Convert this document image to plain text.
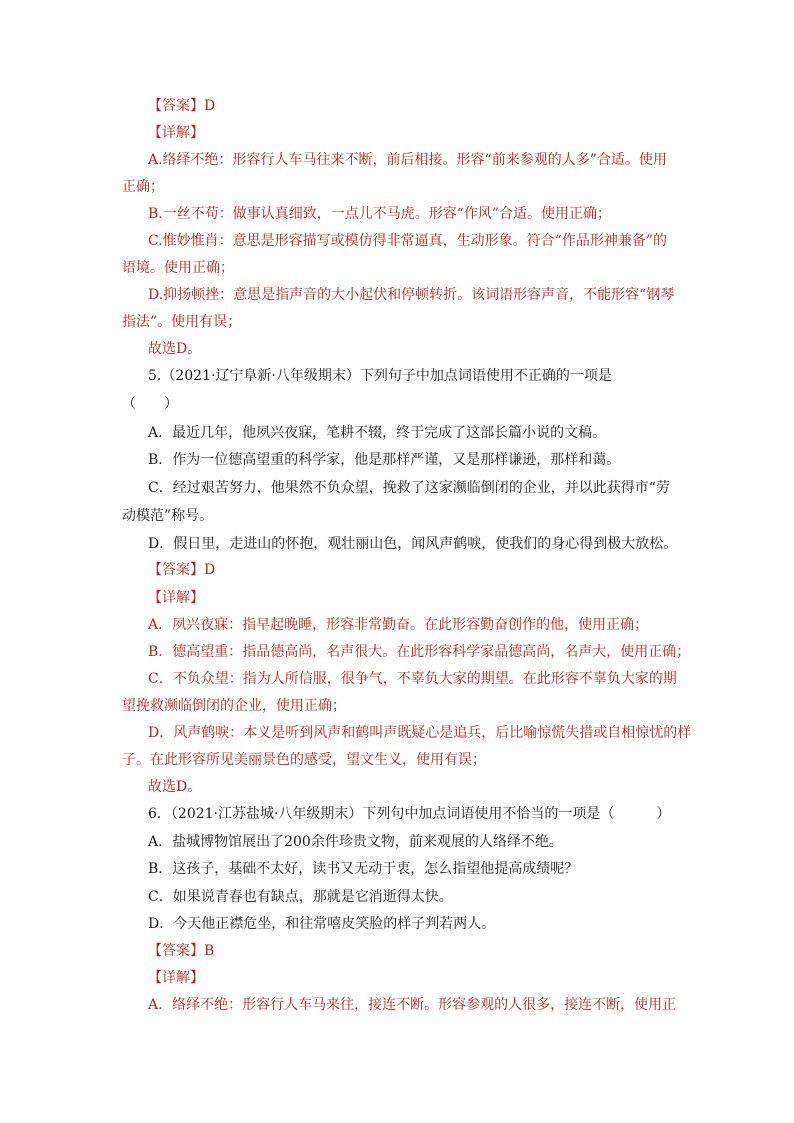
【答案】D
【详解】
A.络绎不绝：形容行人车马往来不断，前后相接。形容“前来参观的人多”合适。使用
正确；
B.一丝不苟：做事认真细致，一点儿不马虎。形容“作风”合适。使用正确；
C.惟妙惟肖：意思是形容描写或模仿得非常逼真，生动形象。符合“作品形神兼备”的
语境。使用正确；
D.抑扬顿挫：意思是指声音的大小起伏和停顿转折。该词语形容声音，不能形容“钢琴
指法”。使用有误；
故选D。
5.（2021·辽宁阜新·八年级期末）下列句子中加点词语使用不正确的一项是
（　　）
A．最近几年，他夙兴夜寐，笔耕不辍，终于完成了这部长篇小说的文稿。
B．作为一位德高望重的科学家，他是那样严谨，又是那样谦逊，那样和蔼。
C．经过艰苦努力，他果然不负众望，挽救了这家濒临倒闭的企业，并以此获得市“劳
动模范”称号。
D．假日里，走进山的怀抱，观壮丽山色，闻风声鹤唳，使我们的身心得到极大放松。
【答案】D
【详解】
A．夙兴夜寐：指早起晚睡，形容非常勤奋。在此形容勤奋创作的他，使用正确；
B．德高望重：指品德高尚，名声很大。在此形容科学家品德高尚，名声大，使用正确；
C．不负众望：指为人所信服，很争气，不辜负大家的期望。在此形容不辜负大家的期
望挽救濒临倒闭的企业，使用正确；
D．风声鹤唳：本义是听到风声和鹤叫声既疑心是追兵，后比喻惊慌失措或自相惊忧的样
子。在此形容所见美丽景色的感受，望文生义，使用有误；
故选D。
6．（2021·江苏盐城·八年级期末）下列句中加点词语使用不恰当的一项是（　　　）
A．盐城博物馆展出了200余件珍贵文物，前来观展的人络绎不绝。
B．这孩子，基础不太好，读书又无动于衷，怎么指望他提高成绩呢？
C．如果说青春也有缺点，那就是它消逝得太快。
D．今天他正襟危坐，和往常嘻皮笑脸的样子判若两人。
【答案】B
【详解】
A．络绎不绝：形容行人车马来往，接连不断。形容参观的人很多，接连不断，使用正
